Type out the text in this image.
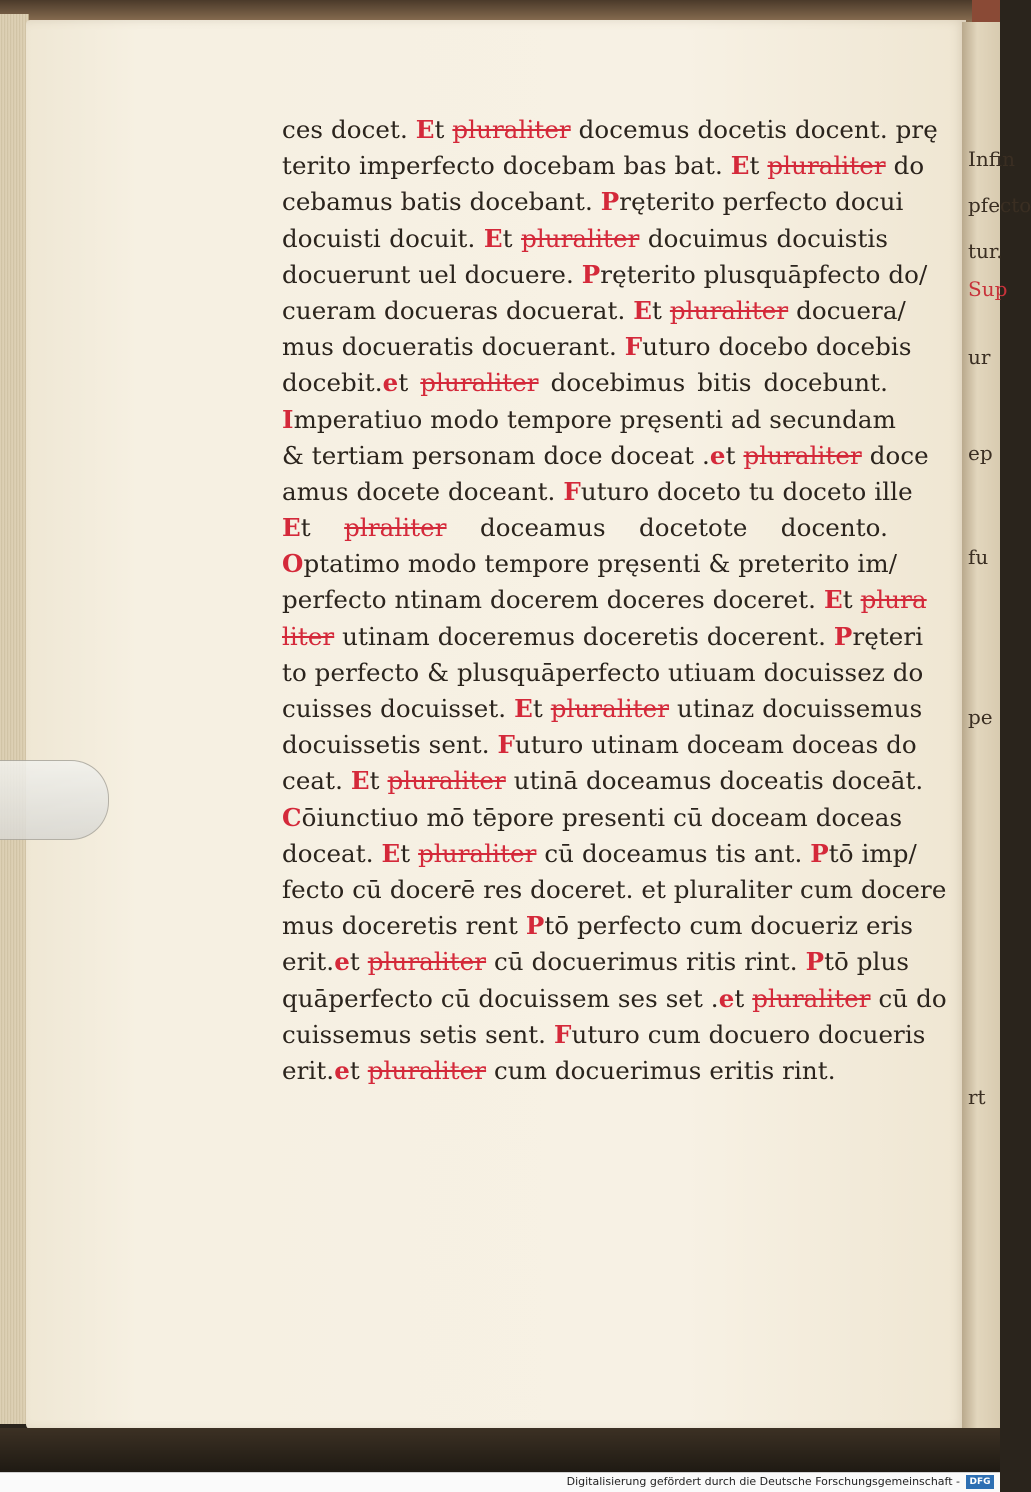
Infin
pfecto
tur.
Sup
ur
ep
fu
pe
rt
ces docet. Et pluraliter docemus docetis docent. prę
terito imperfecto docebam bas bat. Et pluraliter do
cebamus batis docebant. Pręterito perfecto docui
docuisti docuit. Et pluraliter docuimus docuistis
docuerunt uel docuere. Pręterito plusquāpfecto do/
cueram docueras docuerat. Et pluraliter docuera/
mus docueratis docuerant. Futuro docebo docebis
docebit.et pluraliter docebimus bitis docebunt.
Imperatiuo modo tempore pręsenti ad secundam
& tertiam personam doce doceat .et pluraliter doce
amus docete doceant. Futuro doceto tu doceto ille
Et plraliter doceamus docetote docento.
Optatimo modo tempore pręsenti & preterito im/
perfecto ntinam docerem doceres doceret. Et plura
liter utinam doceremus doceretis docerent. Pręteri
to perfecto & plusquāperfecto utiuam docuissez do
cuisses docuisset. Et pluraliter utinaz docuissemus
docuissetis sent. Futuro utinam doceam doceas do
ceat. Et pluraliter utinā doceamus doceatis doceāt.
Cōiunctiuo mō tēpore presenti cū doceam doceas
doceat. Et pluraliter cū doceamus tis ant. Ptō imp/
fecto cū docerē res doceret. et pluraliter cum docere
mus doceretis rent Ptō perfecto cum docueriz eris
erit.et pluraliter cū docuerimus ritis rint. Ptō plus
quāperfecto cū docuissem ses set .et pluraliter cū do
cuissemus setis sent. Futuro cum docuero docueris
erit.et pluraliter cum docuerimus eritis rint.
Digitalisierung gefördert durch die Deutsche Forschungsgemeinschaft -	DFG
